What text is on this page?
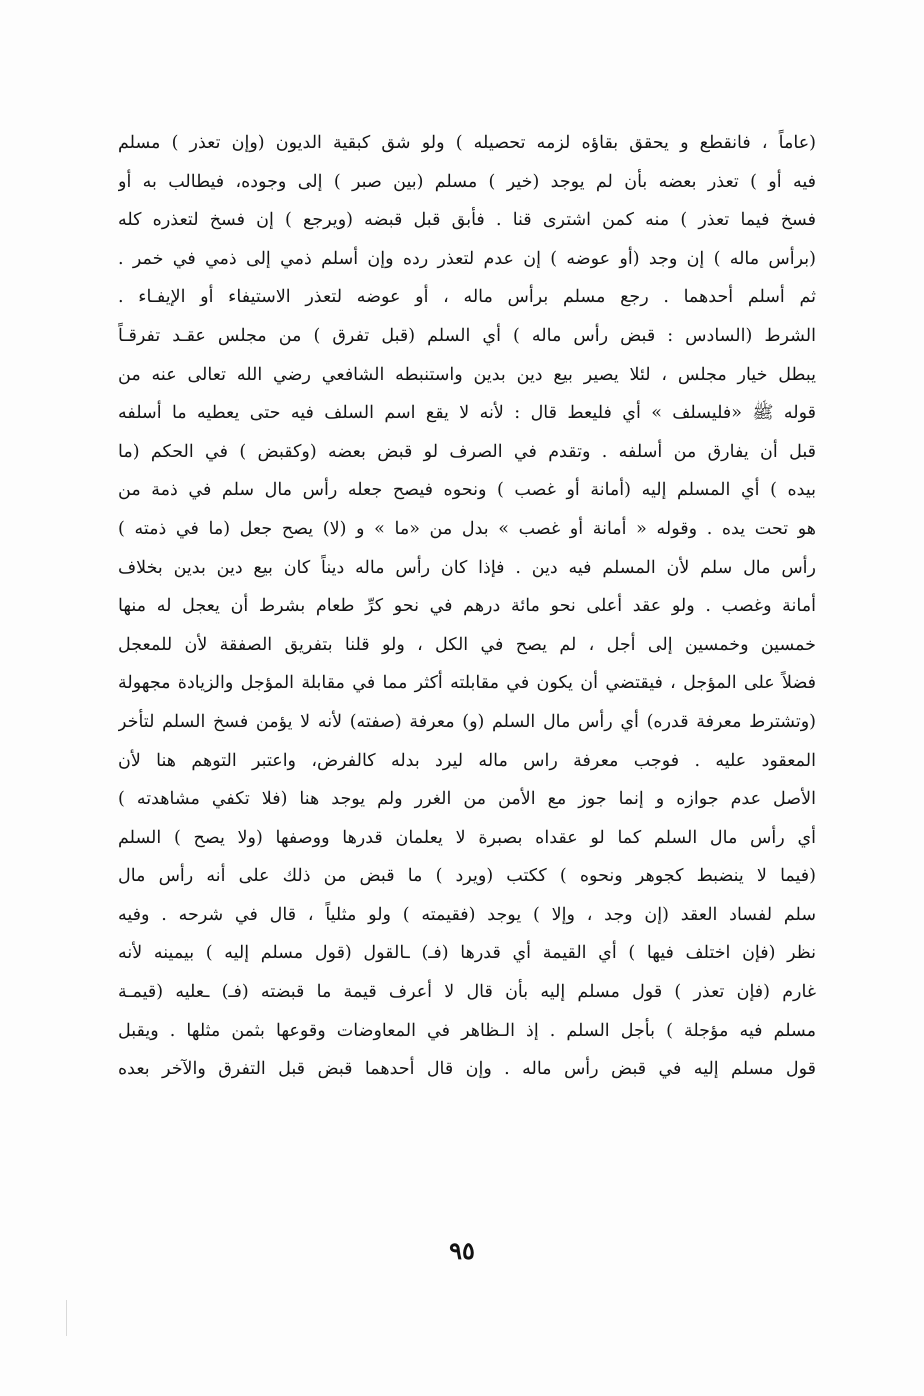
(عاماً ، فانقطع و يحقق بقاؤه لزمه تحصيله ) ولو شق كبقية الديون (وإن تعذر ) مسلم
فيه أو ) تعذر بعضه بأن لم يوجد (خير ) مسلم (بين صبر ) إلى وجوده، فيطالب به أو
فسخ فيما تعذر ) منه كمن اشترى قنا . فأبق قبل قبضه (ويرجع ) إن فسخ لتعذره كله
(برأس ماله ) إن وجد (أو عوضه ) إن عدم لتعذر رده وإن أسلم ذمي إلى ذمي في خمر .
ثم أسلم أحدهما . رجع مسلم برأس ماله ، أو عوضه لتعذر الاستيفاء أو الإيفـاء .
الشرط (السادس : قبض رأس ماله ) أي السلم (قبل تفرق ) من مجلس عقـد تفرقـاً
يبطل خيار مجلس ، لئلا يصير بيع دين بدين واستنبطه الشافعي رضي الله تعالى عنه من
قوله ﷺ «فليسلف » أي فليعط قال : لأنه لا يقع اسم السلف فيه حتى يعطيه ما أسلفه
قبل أن يفارق من أسلفه . وتقدم في الصرف لو قبض بعضه (وكقبض ) في الحكم (ما
بيده ) أي المسلم إليه (أمانة أو غصب ) ونحوه فيصح جعله رأس مال سلم في ذمة من
هو تحت يده . وقوله « أمانة أو غصب » بدل من «ما » و (لا) يصح جعل (ما في ذمته )
رأس مال سلم لأن المسلم فيه دين . فإذا كان رأس ماله ديناً كان بيع دين بدين بخلاف
أمانة وغصب . ولو عقد أعلى نحو مائة درهم في نحو كرِّ طعام بشرط أن يعجل له منها
خمسين وخمسين إلى أجل ، لم يصح في الكل ، ولو قلنا بتفريق الصفقة لأن للمعجل
فضلاً على المؤجل ، فيقتضي أن يكون في مقابلته أكثر مما في مقابلة المؤجل والزيادة مجهولة
(وتشترط معرفة قدره) أي رأس مال السلم (و) معرفة (صفته) لأنه لا يؤمن فسخ السلم لتأخر
المعقود عليه . فوجب معرفة راس ماله ليرد بدله كالفرض، واعتبر التوهم هنا لأن
الأصل عدم جوازه و إنما جوز مع الأمن من الغرر ولم يوجد هنا (فلا تكفي مشاهدته )
أي رأس مال السلم كما لو عقداه بصبرة لا يعلمان قدرها ووصفها (ولا يصح ) السلم
(فيما لا ينضبط كجوهر ونحوه ) ككتب (ويرد ) ما قبض من ذلك على أنه رأس مال
سلم لفساد العقد (إن وجد ، وإلا ) يوجد (فقيمته ) ولو مثلياً ، قال في شرحه . وفيه
نظر (فإن اختلف فيها ) أي القيمة أي قدرها (فـ) ـالقول (قول مسلم إليه ) بيمينه لأنه
غارم (فإن تعذر ) قول مسلم إليه بأن قال لا أعرف قيمة ما قبضته (فـ) ـعليه (قيمـة
مسلم فيه مؤجلة ) بأجل السلم . إذ الـظاهر في المعاوضات وقوعها بثمن مثلها . ويقبل
قول مسلم إليه في قبض رأس ماله . وإن قال أحدهما قبض قبل التفرق والآخر بعده
٩٥
